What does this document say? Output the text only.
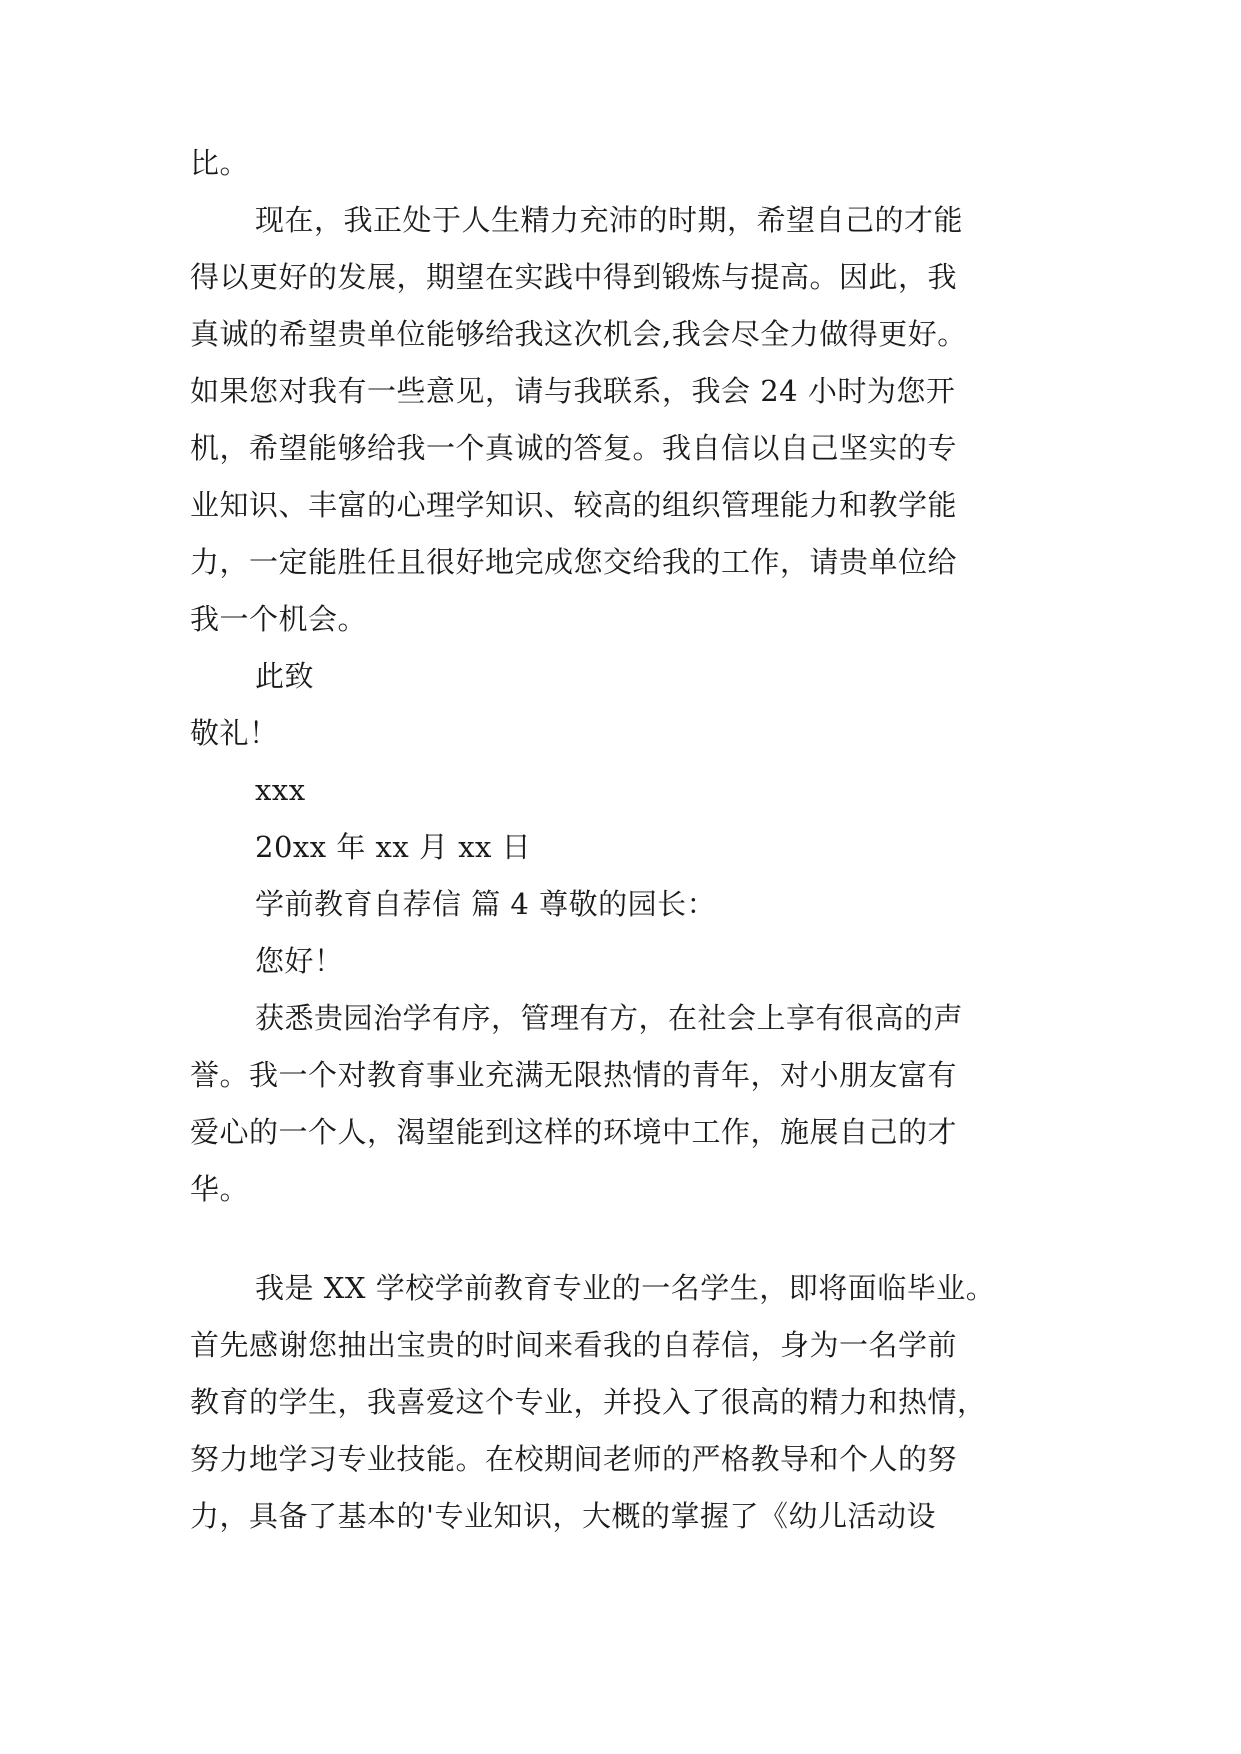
比。
现在，我正处于人生精力充沛的时期，希望自己的才能
得以更好的发展，期望在实践中得到锻炼与提高。因此，我
真诚的希望贵单位能够给我这次机会,我会尽全力做得更好。
如果您对我有一些意见，请与我联系，我会 24 小时为您开
机，希望能够给我一个真诚的答复。我自信以自己坚实的专
业知识、丰富的心理学知识、较高的组织管理能力和教学能
力，一定能胜任且很好地完成您交给我的工作，请贵单位给
我一个机会。
此致
敬礼！
xxx
20xx 年 xx 月 xx 日
学前教育自荐信 篇 4 尊敬的园长：
您好！
获悉贵园治学有序，管理有方，在社会上享有很高的声
誉。我一个对教育事业充满无限热情的青年，对小朋友富有
爱心的一个人，渴望能到这样的环境中工作，施展自己的才
华。
我是 XX 学校学前教育专业的一名学生，即将面临毕业。
首先感谢您抽出宝贵的时间来看我的自荐信，身为一名学前
教育的学生，我喜爱这个专业，并投入了很高的精力和热情，
努力地学习专业技能。在校期间老师的严格教导和个人的努
力，具备了基本的'专业知识，大概的掌握了《幼儿活动设
